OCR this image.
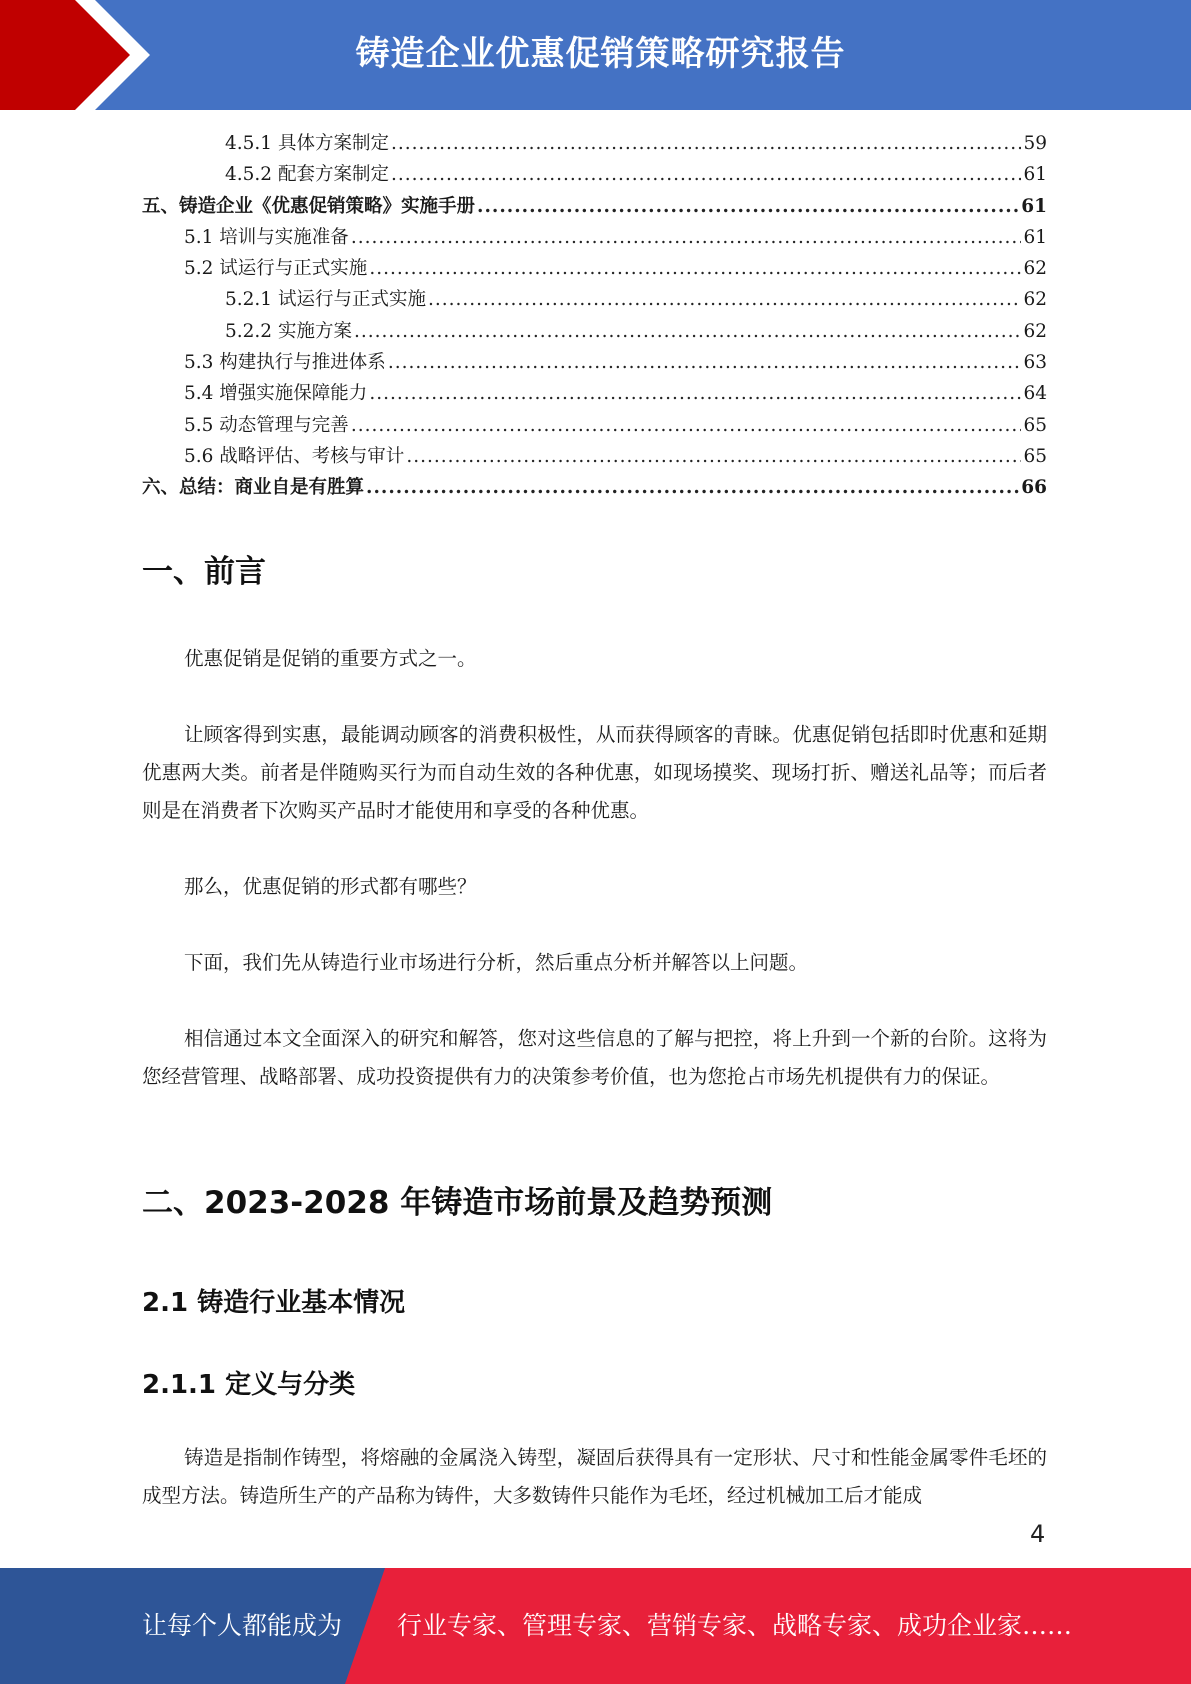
铸造企业优惠促销策略研究报告
4.5.1 具体方案制定 .....	59
4.5.2 配套方案制定 .....	61
五、铸造企业《优惠促销策略》实施手册 .....	61
5.1 培训与实施准备 .....	61
5.2 试运行与正式实施 .....	62
5.2.1 试运行与正式实施 .....	62
5.2.2 实施方案 .....	62
5.3 构建执行与推进体系 .....	63
5.4 增强实施保障能力 .....	64
5.5 动态管理与完善 .....	65
5.6 战略评估、考核与审计 .....	65
六、总结：商业自是有胜算 .....	66
一、前言

优惠促销是促销的重要方式之一。

让顾客得到实惠，最能调动顾客的消费积极性，从而获得顾客的青睐。优惠促销包括即时优惠和延期优惠两大类。前者是伴随购买行为而自动生效的各种优惠，如现场摸奖、现场打折、赠送礼品等；而后者则是在消费者下次购买产品时才能使用和享受的各种优惠。

那么，优惠促销的形式都有哪些？

下面，我们先从铸造行业市场进行分析，然后重点分析并解答以上问题。

相信通过本文全面深入的研究和解答，您对这些信息的了解与把控，将上升到一个新的台阶。这将为您经营管理、战略部署、成功投资提供有力的决策参考价值，也为您抢占市场先机提供有力的保证。

二、2023-2028 年铸造市场前景及趋势预测
2.1 铸造行业基本情况
2.1.1 定义与分类

铸造是指制作铸型，将熔融的金属浇入铸型，凝固后获得具有一定形状、尺寸和性能金属零件毛坯的成型方法。铸造所生产的产品称为铸件，大多数铸件只能作为毛坯，经过机械加工后才能成

4
让每个人都能成为 行业专家、管理专家、营销专家、战略专家、成功企业家……
